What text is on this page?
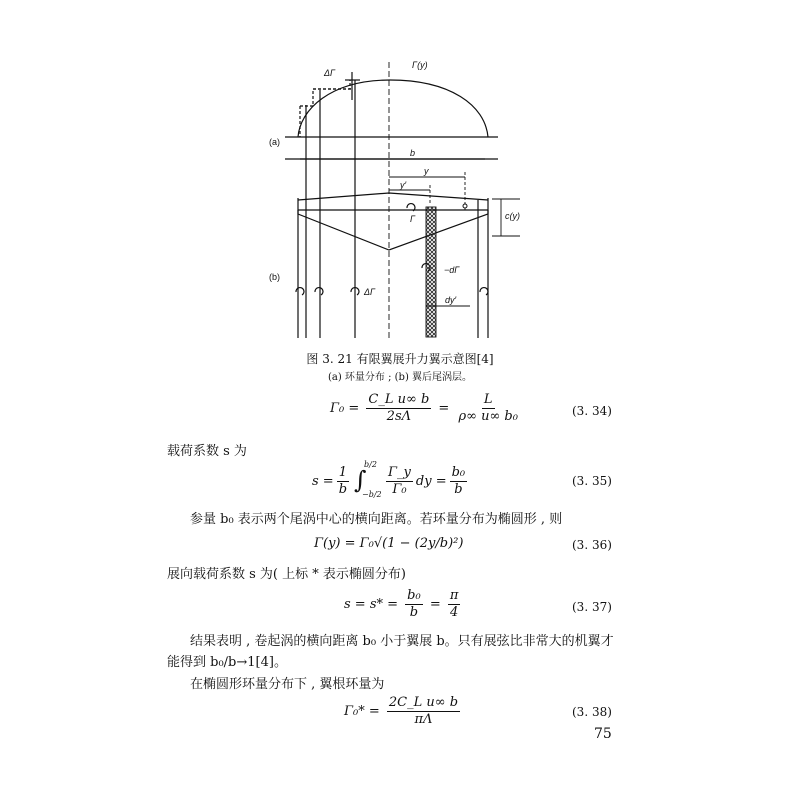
(a)
(b)
Γ(y)
ΔΓ
b
y
y′
c(y)
Γ
−dΓ
dy′
ΔΓ
图 3. 21 有限翼展升力翼示意图[4]
(a) 环量分布 ; (b) 翼后尾涡层。
$\Gamma_0 = \frac{\text{C\_L u∞ b}}{2s\Lambda} = \frac{L}{\text{ρ∞ u∞ b₀}}$	(3. 34)
载荷系数 s 为
$s = \frac{1}{b}$ ∫
b/2
$-b/2 \frac{\Gamma\_y}{\text{Γ₀}}$ dy = $\frac{\text{b₀}}{b}$	(3. 35)
参量 b₀ 表示两个尾涡中心的横向距离。若环量分布为椭圆形 , 则
Γ(y) = Γ₀√(1 − (2y/b)²)	(3. 36)
展向载荷系数 s 为( 上标 * 表示椭圆分布)
$s = s* = \frac{\text{b₀}}{b} = \frac{\pi}{4}$	(3. 37)
结果表明 , 卷起涡的横向距离 b₀ 小于翼展 b。只有展弦比非常大的机翼才
能得到 b₀/b→1[4]。
在椭圆形环量分布下 , 翼根环量为
$\Gamma_0* = \frac{\text{2C\_L u∞ b}}{\pi\Lambda}$	(3. 38)
75
